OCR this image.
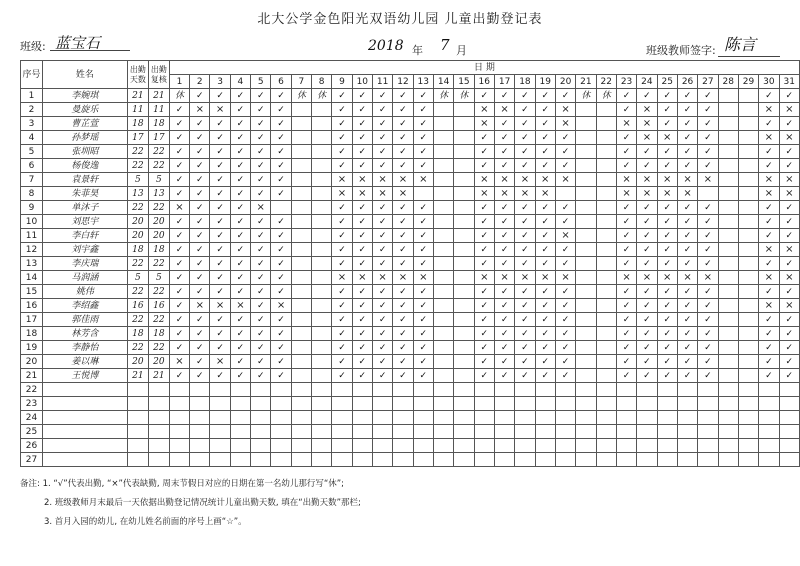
北大公学金色阳光双语幼儿园 儿童出勤登记表
班级: 蓝宝石	2018 年 7 月	班级教师签字: 陈言
序号	姓名	出勤天数	出勤复核	日 期																														
				1	2	3	4	5	6	7	8	9	10	11	12	13	14	15	16	17	18	19	20	21	22	23	24	25	26	27	28	29	30	31
1	李婉琪	21	21	休	✓	✓	✓	✓	✓	休	休	✓	✓	✓	✓	✓	休	休	✓	✓	✓	✓	✓	休	休	✓	✓	✓	✓	✓			✓	✓
2	曼旋乐	11	11	✓	×	×	✓	✓	✓			✓	✓	✓	✓	✓			×	×	✓	✓	×			✓	×	✓	✓	✓			×	×
3	曹芷萱	18	18	✓	✓	✓	✓	✓	✓			✓	✓	✓	✓	✓			×	✓	✓	✓	×			×	×	✓	✓	✓			✓	✓
4	孙梦瑶	17	17	✓	✓	✓	✓	✓	✓			✓	✓	✓	✓	✓			✓	✓	✓	✓	✓			✓	×	×	✓	✓			×	×
5	张圳昭	22	22	✓	✓	✓	✓	✓	✓			✓	✓	✓	✓	✓			✓	✓	✓	✓	✓			✓	✓	✓	✓	✓			✓	✓
6	杨俊逸	22	22	✓	✓	✓	✓	✓	✓			✓	✓	✓	✓	✓			✓	✓	✓	✓	✓			✓	✓	✓	✓	✓			✓	✓
7	袁景轩	5	5	✓	✓	✓	✓	✓	✓			×	×	×	×	×			×	×	×	×	×			×	×	×	×	×			×	×
8	朱菲昊	13	13	✓	✓	✓	✓	✓	✓			×	×	×	×				×	×	×	×				×	×	×	×				×	×
9	单沐子	22	22	×	✓	✓	✓	×				✓	✓	✓	✓	✓			✓	✓	✓	✓	✓			✓	✓	✓	✓	✓			✓	✓
10	刘思宇	20	20	✓	✓	✓	✓	✓	✓			✓	✓	✓	✓	✓			✓	✓	✓	✓	✓			✓	✓	✓	✓	✓			✓	✓
11	李白轩	20	20	✓	✓	✓	✓	✓	✓			✓	✓	✓	✓	✓			✓	✓	✓	✓	×			✓	✓	✓	✓	✓			✓	✓
12	刘宇鑫	18	18	✓	✓	✓	✓	✓	✓			✓	✓	✓	✓	✓			✓	✓	✓	✓	✓			✓	✓	✓	✓	✓			×	×
13	李庆瑞	22	22	✓	✓	✓	✓	✓	✓			✓	✓	✓	✓	✓			✓	✓	✓	✓	✓			✓	✓	✓	✓	✓			✓	✓
14	马润涵	5	5	✓	✓	✓	✓	✓	✓			×	×	×	×	×			×	×	×	×	×			×	×	×	×	×			×	×
15	姚伟	22	22	✓	✓	✓	✓	✓	✓			✓	✓	✓	✓	✓			✓	✓	✓	✓	✓			✓	✓	✓	✓	✓			✓	✓
16	李绍鑫	16	16	✓	×	×	×	✓	×			✓	✓	✓	✓	✓			✓	✓	✓	✓	✓			✓	✓	✓	✓	✓			×	×
17	郭佳雨	22	22	✓	✓	✓	✓	✓	✓			✓	✓	✓	✓	✓			✓	✓	✓	✓	✓			✓	✓	✓	✓	✓			✓	✓
18	林芳含	18	18	✓	✓	✓	✓	✓	✓			✓	✓	✓	✓	✓			✓	✓	✓	✓	✓			✓	✓	✓	✓	✓			✓	✓
19	李静怡	22	22	✓	✓	✓	✓	✓	✓			✓	✓	✓	✓	✓			✓	✓	✓	✓	✓			✓	✓	✓	✓	✓			✓	✓
20	姜以琳	20	20	×	✓	×	✓	✓	✓			✓	✓	✓	✓	✓			✓	✓	✓	✓	✓			✓	✓	✓	✓	✓			✓	✓
21	王悦博	21	21	✓	✓	✓	✓	✓	✓			✓	✓	✓	✓	✓			✓	✓	✓	✓	✓			✓	✓	✓	✓	✓			✓	✓
22																																		
23																																		
24																																		
25																																		
26																																		
27																																		
备注: 1. “√”代表出勤, “×”代表缺勤, 周末节假日对应的日期在第一名幼儿那行写“休”;
2. 班级教师月末最后一天依据出勤登记情况统计儿童出勤天数, 填在“出勤天数”那栏;
3. 首月入园的幼儿, 在幼儿姓名前面的序号上画“☆”。
